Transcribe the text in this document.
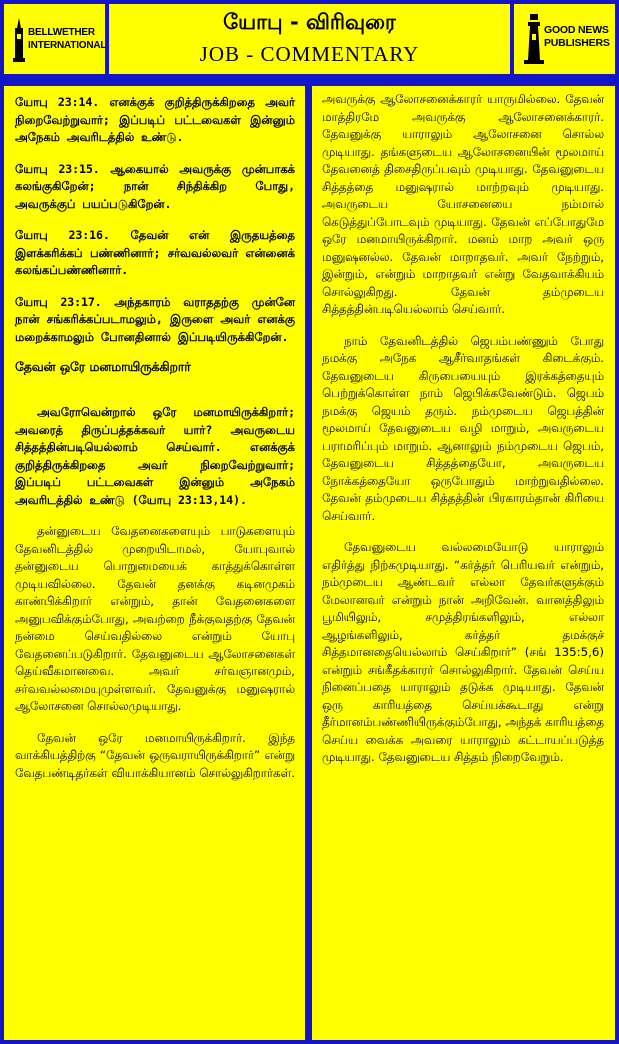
BELLWETHER
INTERNATIONAL
யோபு - விரிவுரை
JOB - COMMENTARY
GOOD NEWS
PUBLISHERS

யோபு 23:14. எனக்குக் குறித்திருக்கிறதை அவர் நிறைவேற்றுவார்; இப்படிப் பட்டவைகள் இன்னும் அநேகம் அவரிடத்தில் உண்டு.

யோபு 23:15. ஆகையால் அவருக்கு முன்பாகக் கலங்குகிறேன்; நான் சிந்திக்கிற போது, அவருக்குப் பயப்படுகிறேன்.

யோபு 23:16. தேவன் என் இருதயத்தை இளக்கரிக்கப் பண்ணினார்; சர்வவல்லவர் என்னைக் கலங்கப்பண்ணினார்.

யோபு 23:17. அந்தகாரம் வராததற்கு முன்னே நான் சங்கரிக்கப்படாமலும், இருளை அவர் எனக்கு மறைக்காமலும் போனதினால் இப்படியிருக்கிறேன்.

தேவன் ஒரே மனமாயிருக்கிறார்

அவரோவென்றால் ஒரே மனமாயிருக்கிறார்; அவரைத் திருப்பத்தக்கவர் யார்? அவருடைய சித்தத்தின்படியெல்லாம் செய்வார். எனக்குக் குறித்திருக்கிறதை அவர் நிறைவேற்றுவார்; இப்படிப் பட்டவைகள் இன்னும் அநேகம் அவரிடத்தில் உண்டு (யோபு 23:13,14).

தன்னுடைய வேதனைகளையும் பாடுகளையும் தேவனிடத்தில் முறையிடாமல், யோபுவால் தன்னுடைய பொறுமையைக் காத்துக்கொள்ள முடியவில்லை. தேவன் தனக்கு கடினமுகம் காண்பிக்கிறார் என்றும், தான் வேதனைகளை அனுபவிக்கும்போது, அவற்றை நீக்குவதற்கு தேவன் நன்மை செய்வதில்லை என்றும் யோபு வேதனைப்படுகிறார். தேவனுடைய ஆலோசனைகள் தெய்வீகமானவை. அவர் சர்வஞானமும், சர்வவல்லமையுமுள்ளவர். தேவனுக்கு மனுஷரால் ஆலோசனை சொல்லமுடியாது.

தேவன் ஒரே மனமாயிருக்கிறார். இந்த வாக்கியத்திற்கு “தேவன் ஒருவராயிருக்கிறார்” என்று வேதபண்டிதர்கள் வியாக்கியானம் சொல்லுகிறார்கள்.

அவருக்கு ஆலோசனைக்காரர் யாருமில்லை. தேவன் மாத்திரமே அவருக்கு ஆலோசனைக்காரர். தேவனுக்கு யாராலும் ஆலோசனை சொல்ல முடியாது. தங்களுடைய ஆலோசனையின் மூலமாய் தேவனைத் திசைதிருப்பவும் முடியாது. தேவனுடைய சித்தத்தை மனுஷரால் மாற்றவும் முடியாது. அவருடைய யோசனையை நம்மால் கெடுத்துப்போடவும் முடியாது. தேவன் எப்போதுமே ஒரே மனமாயிருக்கிறார். மனம் மாற அவர் ஒரு மனுஷனல்ல. தேவன் மாறாதவர். அவர் நேற்றும், இன்றும், என்றும் மாறாதவர் என்று வேதவாக்கியம் சொல்லுகிறது. தேவன் தம்முடைய சித்தத்தின்படியெல்லாம் செய்வார்.

நாம் தேவனிடத்தில் ஜெபம்பண்ணும் போது நமக்கு அநேக ஆசீர்வாதங்கள் கிடைக்கும். தேவனுடைய கிருபையையும் இரக்கத்தையும் பெற்றுக்கொள்ள நாம் ஜெபிக்கவேண்டும். ஜெபம் நமக்கு ஜெயம் தரும். நம்முடைய ஜெபத்தின் மூலமாய் தேவனுடைய வழி மாறும், அவருடைய பராமரிப்பும் மாறும். ஆனாலும் நம்முடைய ஜெபம், தேவனுடைய சித்தத்தையோ, அவருடைய நோக்கத்தையோ ஒருபோதும் மாற்றுவதில்லை. தேவன் தம்முடைய சித்தத்தின் பிரகாரம்தான் கிரியை செய்வார்.

தேவனுடைய வல்லமையோடு யாராலும் எதிர்த்து நிற்கமுடியாது. “கர்த்தர் பெரியவர் என்றும், நம்முடைய ஆண்டவர் எல்லா தேவர்களுக்கும் மேலானவர் என்றும் நான் அறிவேன். வானத்திலும் பூமியிலும், சமுத்திரங்களிலும், எல்லா ஆழங்களிலும், கர்த்தர் தமக்குச் சித்தமானதையெல்லாம் செய்கிறார்” (சங் 135:5,6) என்றும் சங்கீதக்காரர் சொல்லுகிறார். தேவன் செய்ய நினைப்பதை யாராலும் தடுக்க முடியாது. தேவன் ஒரு காரியத்தை செய்யக்கூடாது என்று தீர்மானம்பண்ணியிருக்கும்போது, அந்தக் காரியத்தை செய்ய வைக்க அவரை யாராலும் கட்டாயப்படுத்த முடியாது. தேவனுடைய சித்தம் நிறைவேறும்.
